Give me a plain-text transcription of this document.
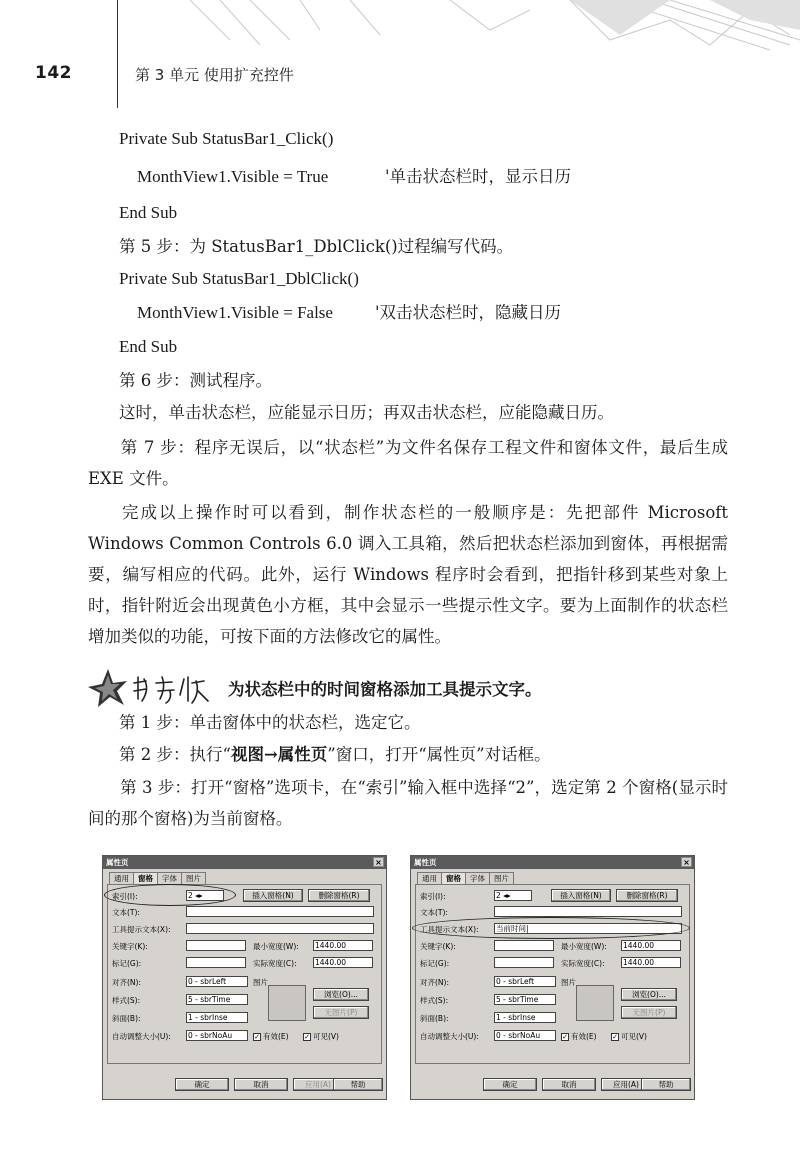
142	第 3 单元 使用扩充控件
Private Sub StatusBar1_Click()
MonthView1.Visible = True	'单击状态栏时，显示日历
End Sub
第 5 步：为 StatusBar1_DblClick()过程编写代码。
Private Sub StatusBar1_DblClick()
MonthView1.Visible = False	'双击状态栏时，隐藏日历
End Sub
第 6 步：测试程序。
这时，单击状态栏，应能显示日历；再双击状态栏，应能隐藏日历。
第 7 步：程序无误后，以“状态栏”为文件名保存工程文件和窗体文件，最后生成 EXE 文件。
完成以上操作时可以看到，制作状态栏的一般顺序是：先把部件 Microsoft Windows Common Controls 6.0 调入工具箱，然后把状态栏添加到窗体，再根据需要，编写相应的代码。此外，运行 Windows 程序时会看到，把指针移到某些对象上时，指针附近会出现黄色小方框，其中会显示一些提示性文字。要为上面制作的状态栏增加类似的功能，可按下面的方法修改它的属性。
为状态栏中的时间窗格添加工具提示文字。
第 1 步：单击窗体中的状态栏，选定它。
第 2 步：执行“视图→属性页”窗口，打开“属性页”对话框。
第 3 步：打开“窗格”选项卡，在“索引”输入框中选择“2”，选定第 2 个窗格(显示时间的那个窗格)为当前窗格。
属性页	×
通用 窗格 字体 图片
索引(I):	2 ◂▸	插入窗格(N)	删除窗格(R)
文本(T):
工具提示文本(X):
关键字(K):	最小宽度(W): 1440.00
标记(G):	实际宽度(C): 1440.00
对齐(N):	0 - sbrLeft	图片
浏览(O)...
无图片(P)
样式(S):	5 - sbrTime
斜面(B):	1 - sbrInse
自动调整大小(U): 0 - sbrNoAu	✓ 有效(E) ✓ 可见(V)
确定	取消	应用(A)	帮助
属性页	×
通用 窗格 字体 图片
索引(I):	2 ◂▸	插入窗格(N)	删除窗格(R)
文本(T):
工具提示文本(X): 当前时间|
关键字(K):	最小宽度(W): 1440.00
标记(G):	实际宽度(C): 1440.00
对齐(N):	0 - sbrLeft	图片
浏览(O)...
无图片(P)
样式(S):	5 - sbrTime
斜面(B):	1 - sbrInse
自动调整大小(U): 0 - sbrNoAu	✓ 有效(E) ✓ 可见(V)
确定	取消	应用(A)	帮助
